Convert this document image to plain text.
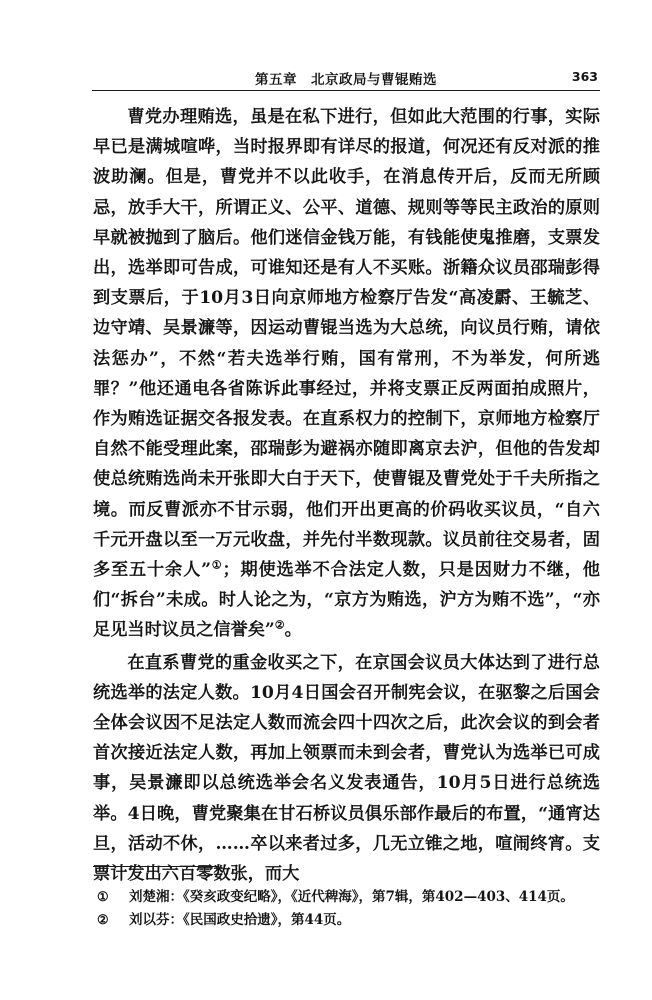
第五章　北京政局与曹锟贿选	363

曹党办理贿选，虽是在私下进行，但如此大范围的行事，实际早已是满城喧哗，当时报界即有详尽的报道，何况还有反对派的推波助澜。但是，曹党并不以此收手，在消息传开后，反而无所顾忌，放手大干，所谓正义、公平、道德、规则等等民主政治的原则早就被抛到了脑后。他们迷信金钱万能，有钱能使鬼推磨，支票发出，选举即可告成，可谁知还是有人不买账。浙籍众议员邵瑞彭得到支票后，于10月3日向京师地方检察厅告发“高凌霨、王毓芝、边守靖、吴景濂等，因运动曹锟当选为大总统，向议员行贿，请依法惩办”，不然“若夫选举行贿，国有常刑，不为举发，何所逃罪？”他还通电各省陈诉此事经过，并将支票正反两面拍成照片，作为贿选证据交各报发表。在直系权力的控制下，京师地方检察厅自然不能受理此案，邵瑞彭为避祸亦随即离京去沪，但他的告发却使总统贿选尚未开张即大白于天下，使曹锟及曹党处于千夫所指之境。而反曹派亦不甘示弱，他们开出更高的价码收买议员，“自六千元开盘以至一万元收盘，并先付半数现款。议员前往交易者，固多至五十余人”①；期使选举不合法定人数，只是因财力不继，他们“拆台”未成。时人论之为，“京方为贿选，沪方为贿不选”，“亦足见当时议员之信誉矣”②。

在直系曹党的重金收买之下，在京国会议员大体达到了进行总统选举的法定人数。10月4日国会召开制宪会议，在驱黎之后国会全体会议因不足法定人数而流会四十四次之后，此次会议的到会者首次接近法定人数，再加上领票而未到会者，曹党认为选举已可成事，吴景濂即以总统选举会名义发表通告，10月5日进行总统选举。4日晚，曹党聚集在甘石桥议员俱乐部作最后的布置，“通宵达旦，活动不休，……卒以来者过多，几无立锥之地，喧闹终宵。支票计发出六百零数张，而大

①	刘楚湘：《癸亥政变纪略》，《近代稗海》，第7辑，第402—403、414页。
②	刘以芬：《民国政史拾遗》，第44页。
